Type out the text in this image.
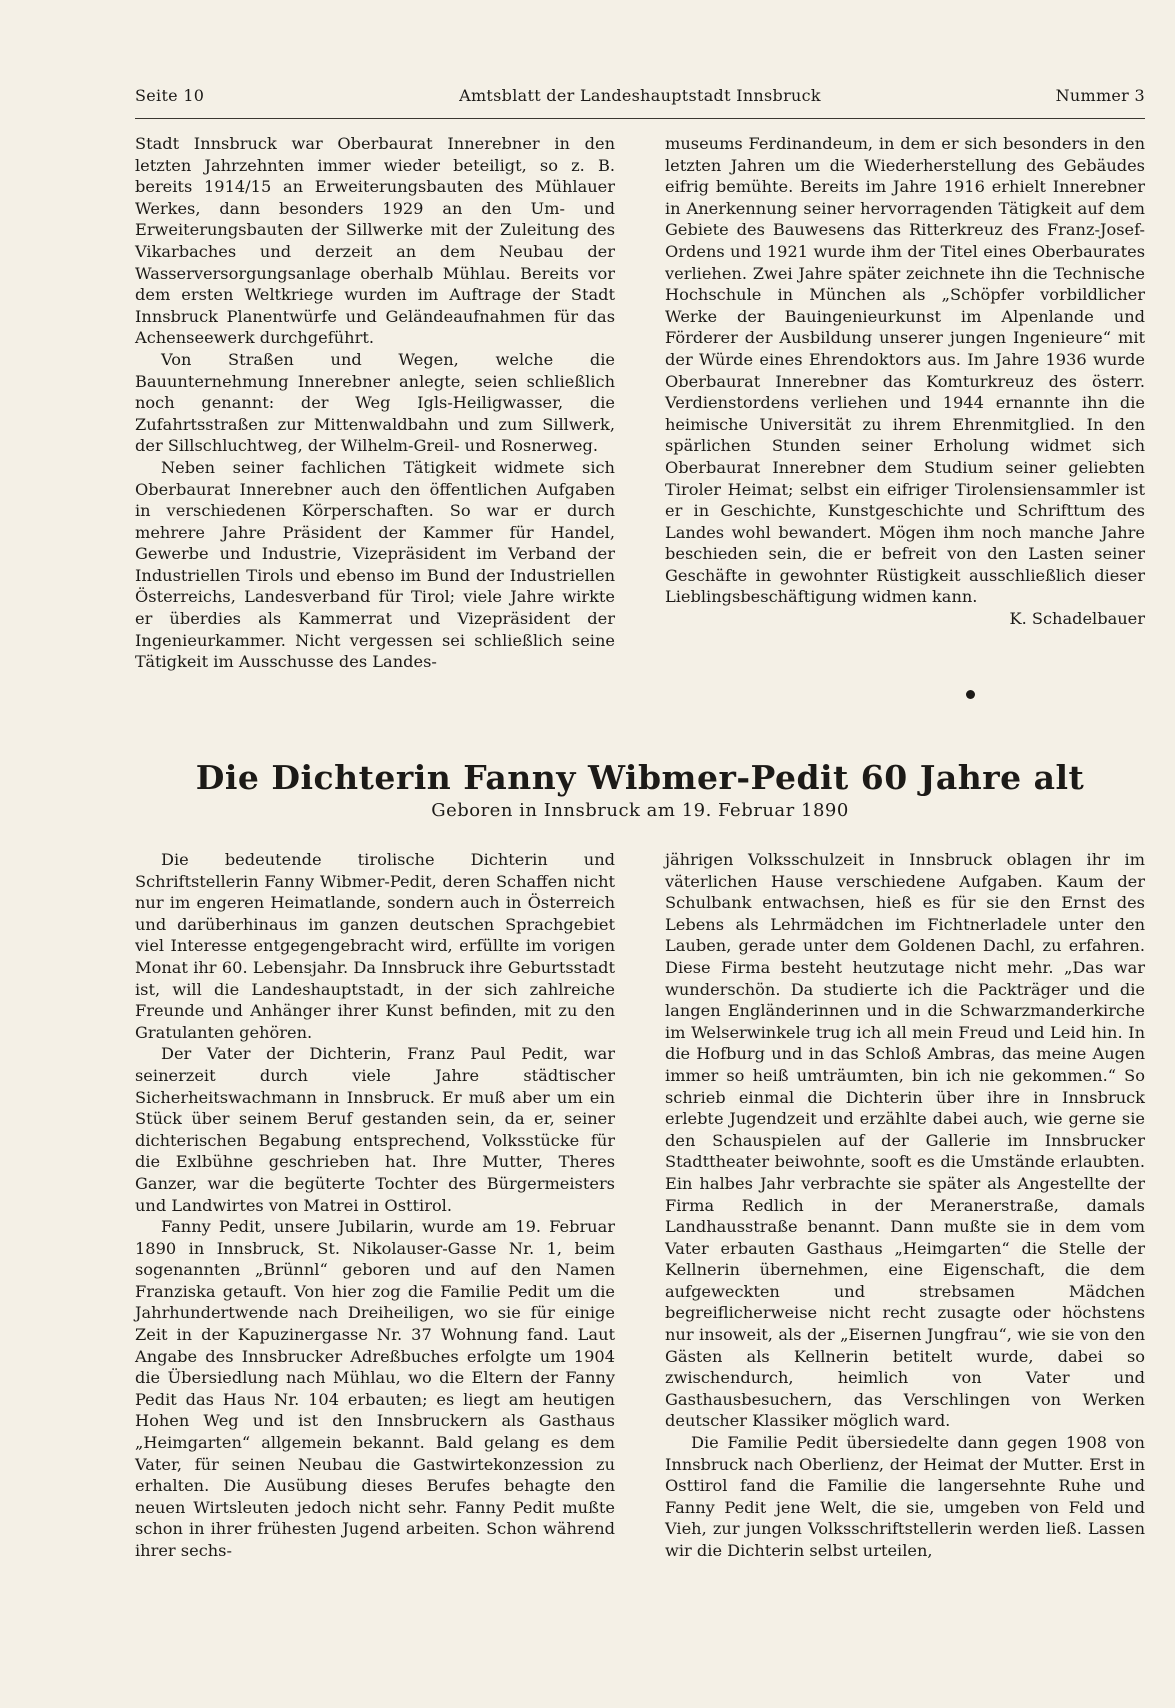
Seite 10	Amtsblatt der Landeshauptstadt Innsbruck	Nummer 3

Stadt Innsbruck war Oberbaurat Innerebner in den letzten Jahrzehnten immer wieder beteiligt, so z. B. bereits 1914/15 an Erweiterungsbauten des Mühlauer Werkes, dann besonders 1929 an den Um- und Erweiterungsbauten der Sillwerke mit der Zuleitung des Vikarbaches und derzeit an dem Neubau der Wasserversorgungsanlage oberhalb Mühlau. Bereits vor dem ersten Weltkriege wurden im Auftrage der Stadt Innsbruck Planentwürfe und Geländeaufnahmen für das Achenseewerk durchgeführt.

Von Straßen und Wegen, welche die Bauunternehmung Innerebner anlegte, seien schließlich noch genannt: der Weg Igls-Heiligwasser, die Zufahrtsstraßen zur Mittenwaldbahn und zum Sillwerk, der Sillschluchtweg, der Wilhelm-Greil- und Rosnerweg.

Neben seiner fachlichen Tätigkeit widmete sich Oberbaurat Innerebner auch den öffentlichen Aufgaben in verschiedenen Körperschaften. So war er durch mehrere Jahre Präsident der Kammer für Handel, Gewerbe und Industrie, Vizepräsident im Verband der Industriellen Tirols und ebenso im Bund der Industriellen Österreichs, Landesverband für Tirol; viele Jahre wirkte er überdies als Kammerrat und Vizepräsident der Ingenieurkammer. Nicht vergessen sei schließlich seine Tätigkeit im Ausschusse des Landes-

museums Ferdinandeum, in dem er sich besonders in den letzten Jahren um die Wiederherstellung des Gebäudes eifrig bemühte. Bereits im Jahre 1916 erhielt Innerebner in Anerkennung seiner hervorragenden Tätigkeit auf dem Gebiete des Bauwesens das Ritterkreuz des Franz-Josef-Ordens und 1921 wurde ihm der Titel eines Oberbaurates verliehen. Zwei Jahre später zeichnete ihn die Technische Hochschule in München als „Schöpfer vorbildlicher Werke der Bauingenieurkunst im Alpenlande und Förderer der Ausbildung unserer jungen Ingenieure“ mit der Würde eines Ehrendoktors aus. Im Jahre 1936 wurde Oberbaurat Innerebner das Komturkreuz des österr. Verdienstordens verliehen und 1944 ernannte ihn die heimische Universität zu ihrem Ehrenmitglied. In den spärlichen Stunden seiner Erholung widmet sich Oberbaurat Innerebner dem Studium seiner geliebten Tiroler Heimat; selbst ein eifriger Tirolensiensammler ist er in Geschichte, Kunstgeschichte und Schrifttum des Landes wohl bewandert. Mögen ihm noch manche Jahre beschieden sein, die er befreit von den Lasten seiner Geschäfte in gewohnter Rüstigkeit ausschließlich dieser Lieblingsbeschäftigung widmen kann.

K. Schadelbauer

Die Dichterin Fanny Wibmer-Pedit 60 Jahre alt
Geboren in Innsbruck am 19. Februar 1890

Die bedeutende tirolische Dichterin und Schriftstellerin Fanny Wibmer-Pedit, deren Schaffen nicht nur im engeren Heimatlande, sondern auch in Österreich und darüberhinaus im ganzen deutschen Sprachgebiet viel Interesse entgegengebracht wird, erfüllte im vorigen Monat ihr 60. Lebensjahr. Da Innsbruck ihre Geburtsstadt ist, will die Landeshauptstadt, in der sich zahlreiche Freunde und Anhänger ihrer Kunst befinden, mit zu den Gratulanten gehören.

Der Vater der Dichterin, Franz Paul Pedit, war seinerzeit durch viele Jahre städtischer Sicherheitswachmann in Innsbruck. Er muß aber um ein Stück über seinem Beruf gestanden sein, da er, seiner dichterischen Begabung entsprechend, Volksstücke für die Exlbühne geschrieben hat. Ihre Mutter, Theres Ganzer, war die begüterte Tochter des Bürgermeisters und Landwirtes von Matrei in Osttirol.

Fanny Pedit, unsere Jubilarin, wurde am 19. Februar 1890 in Innsbruck, St. Nikolauser-Gasse Nr. 1, beim sogenannten „Brünnl“ geboren und auf den Namen Franziska getauft. Von hier zog die Familie Pedit um die Jahrhundertwende nach Dreiheiligen, wo sie für einige Zeit in der Kapuzinergasse Nr. 37 Wohnung fand. Laut Angabe des Innsbrucker Adreßbuches erfolgte um 1904 die Übersiedlung nach Mühlau, wo die Eltern der Fanny Pedit das Haus Nr. 104 erbauten; es liegt am heutigen Hohen Weg und ist den Innsbruckern als Gasthaus „Heimgarten“ allgemein bekannt. Bald gelang es dem Vater, für seinen Neubau die Gastwirtekonzession zu erhalten. Die Ausübung dieses Berufes behagte den neuen Wirtsleuten jedoch nicht sehr. Fanny Pedit mußte schon in ihrer frühesten Jugend arbeiten. Schon während ihrer sechs-

jährigen Volksschulzeit in Innsbruck oblagen ihr im väterlichen Hause verschiedene Aufgaben. Kaum der Schulbank entwachsen, hieß es für sie den Ernst des Lebens als Lehrmädchen im Fichtnerladele unter den Lauben, gerade unter dem Goldenen Dachl, zu erfahren. Diese Firma besteht heutzutage nicht mehr. „Das war wunderschön. Da studierte ich die Packträger und die langen Engländerinnen und in die Schwarzmanderkirche im Welserwinkele trug ich all mein Freud und Leid hin. In die Hofburg und in das Schloß Ambras, das meine Augen immer so heiß umträumten, bin ich nie gekommen.“ So schrieb einmal die Dichterin über ihre in Innsbruck erlebte Jugendzeit und erzählte dabei auch, wie gerne sie den Schauspielen auf der Gallerie im Innsbrucker Stadttheater beiwohnte, sooft es die Umstände erlaubten. Ein halbes Jahr verbrachte sie später als Angestellte der Firma Redlich in der Meranerstraße, damals Landhausstraße benannt. Dann mußte sie in dem vom Vater erbauten Gasthaus „Heimgarten“ die Stelle der Kellnerin übernehmen, eine Eigenschaft, die dem aufgeweckten und strebsamen Mädchen begreiflicherweise nicht recht zusagte oder höchstens nur insoweit, als der „Eisernen Jungfrau“, wie sie von den Gästen als Kellnerin betitelt wurde, dabei so zwischendurch, heimlich von Vater und Gasthausbesuchern, das Verschlingen von Werken deutscher Klassiker möglich ward.

Die Familie Pedit übersiedelte dann gegen 1908 von Innsbruck nach Oberlienz, der Heimat der Mutter. Erst in Osttirol fand die Familie die langersehnte Ruhe und Fanny Pedit jene Welt, die sie, umgeben von Feld und Vieh, zur jungen Volksschriftstellerin werden ließ. Lassen wir die Dichterin selbst urteilen,
